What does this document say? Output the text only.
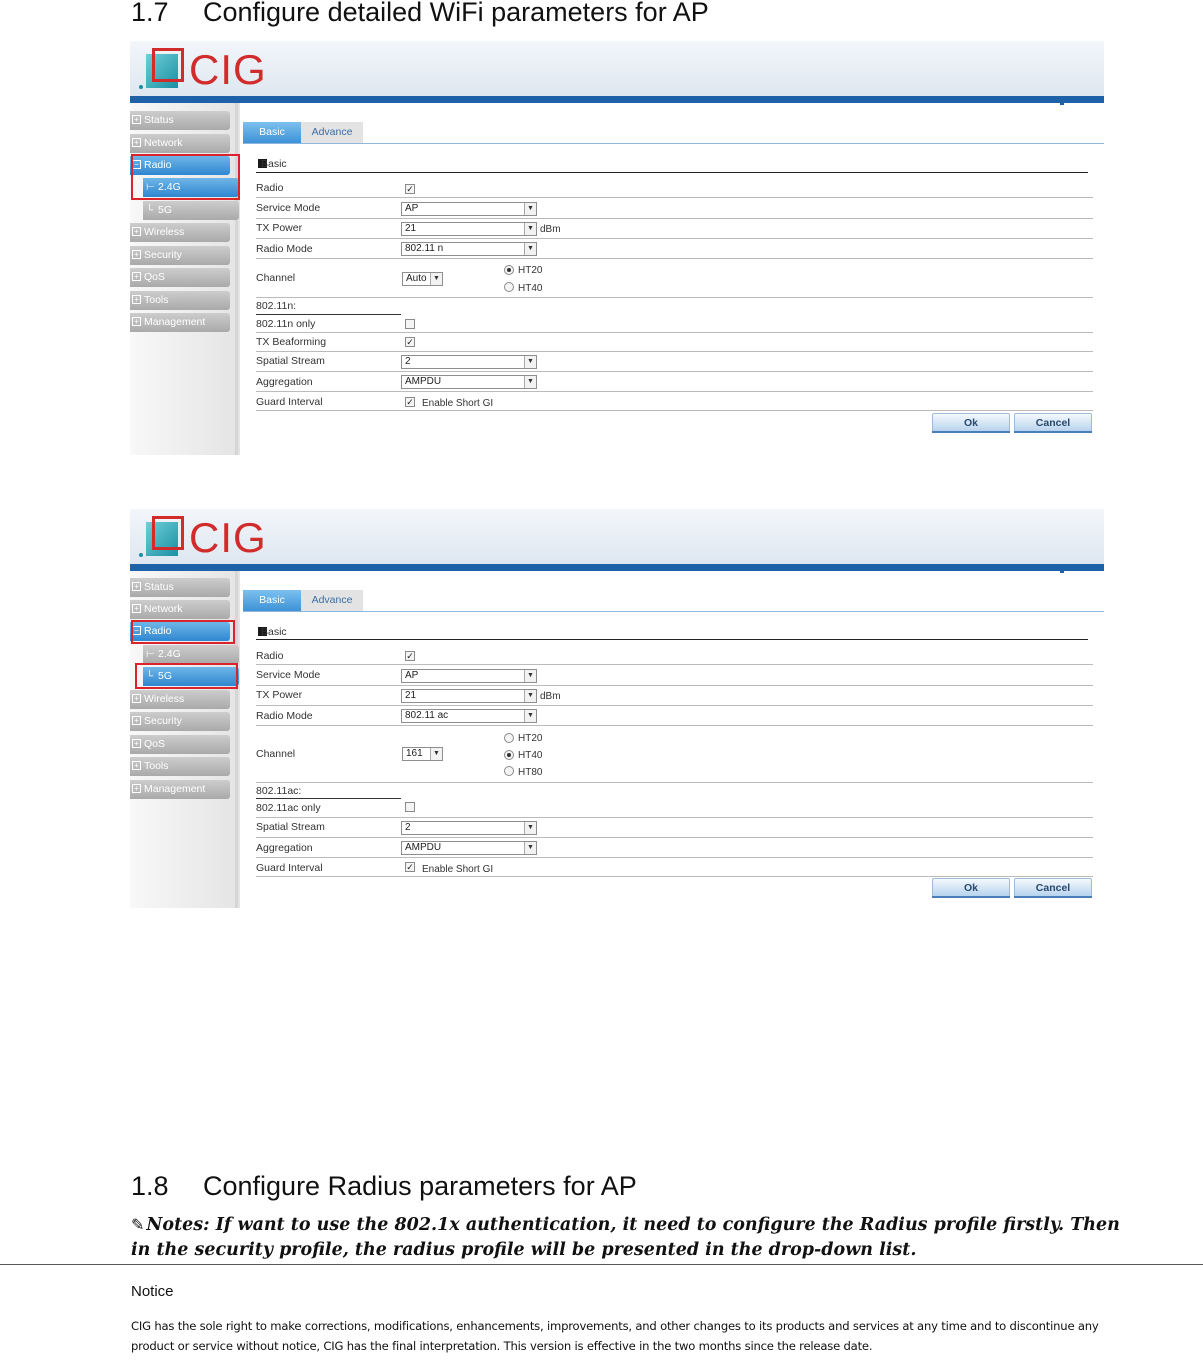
1.7 Configure detailed WiFi parameters for AP
CIG
+ Status
+ Network
− Radio
⊢ 2.4G
└ 5G
+ Wireless
+ Security
+ QoS
+ Tools
+ Management
Basic	Advance
Basic
Radio	✓
Service Mode	AP	▼
TX Power	21	▼ dBm
Radio Mode	802.11 n	▼
Channel	Auto ▼
HT20
HT40
802.11n:
802.11n only
TX Beaforming	✓
Spatial Stream	2	▼
Aggregation	AMPDU	▼
Guard Interval	✓ Enable Short GI
Ok	Cancel
CIG
+ Status
+ Network
− Radio
⊢ 2.4G
└ 5G
+ Wireless
+ Security
+ QoS
+ Tools
+ Management
Basic	Advance
Basic
Radio	✓
Service Mode	AP	▼
TX Power	21	▼ dBm
Radio Mode	802.11 ac	▼
Channel	161	▼
HT20
HT40
HT80
802.11ac:
802.11ac only
Spatial Stream	2	▼
Aggregation	AMPDU	▼
Guard Interval	✓ Enable Short GI
Ok	Cancel
1.8 Configure Radius parameters for AP
✎ Notes: If want to use the 802.1x authentication, it need to configure the Radius profile firstly. Then
in the security profile, the radius profile will be presented in the drop-down list.
Notice
CIG has the sole right to make corrections, modifications, enhancements, improvements, and other changes to its products and services at any time and to discontinue any product or service without notice, CIG has the final interpretation. This version is effective in the two months since the release date.
